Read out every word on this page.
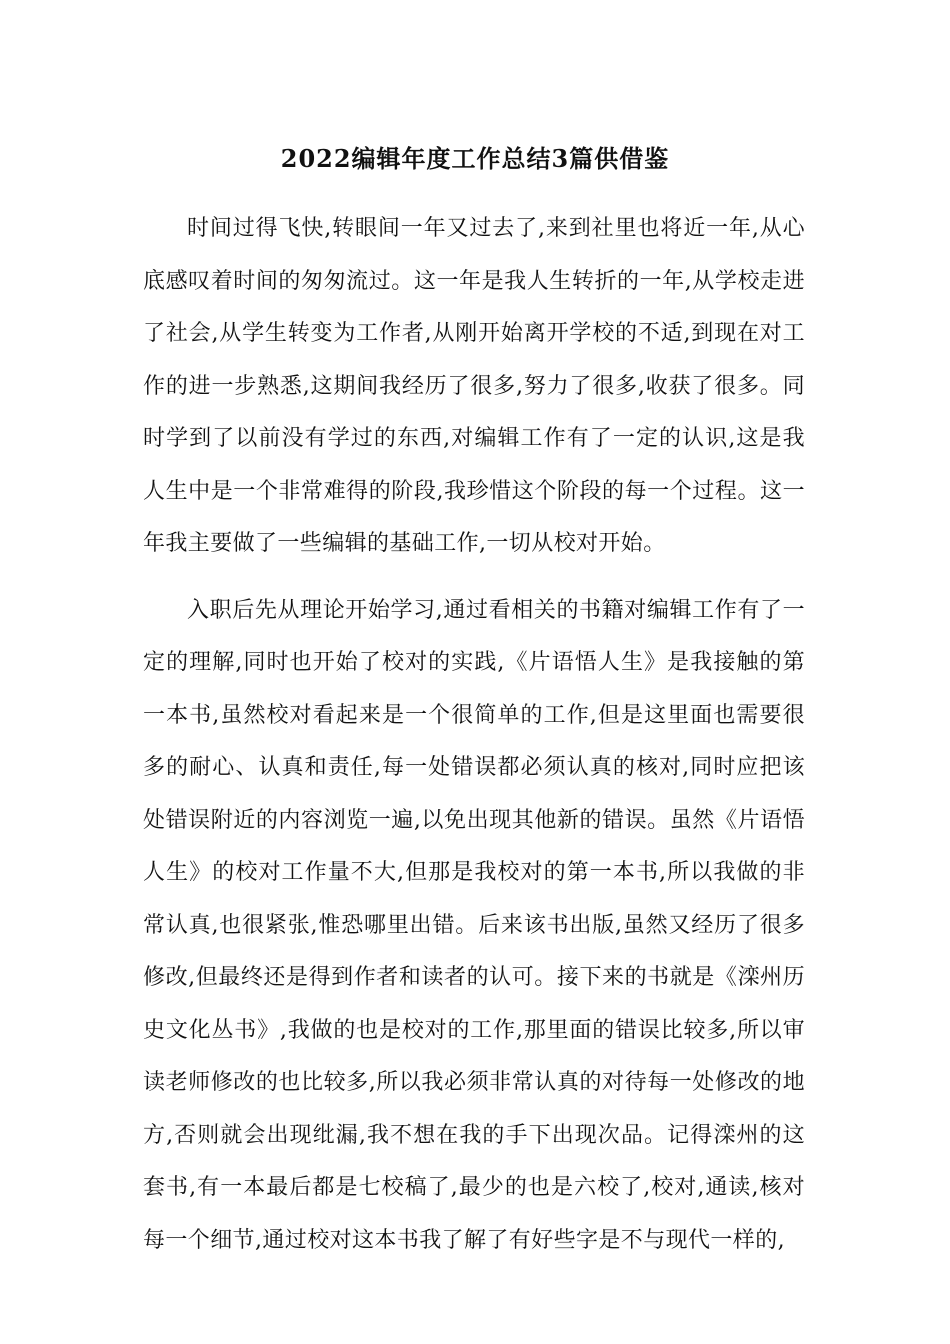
2022编辑年度工作总结3篇供借鉴

时间过得飞快,转眼间一年又过去了,来到社里也将近一年,从心底感叹着时间的匆匆流过。这一年是我人生转折的一年,从学校走进了社会,从学生转变为工作者,从刚开始离开学校的不适,到现在对工作的进一步熟悉,这期间我经历了很多,努力了很多,收获了很多。同时学到了以前没有学过的东西,对编辑工作有了一定的认识,这是我人生中是一个非常难得的阶段,我珍惜这个阶段的每一个过程。这一年我主要做了一些编辑的基础工作,一切从校对开始。

入职后先从理论开始学习,通过看相关的书籍对编辑工作有了一定的理解,同时也开始了校对的实践,《片语悟人生》是我接触的第一本书,虽然校对看起来是一个很简单的工作,但是这里面也需要很多的耐心、认真和责任,每一处错误都必须认真的核对,同时应把该处错误附近的内容浏览一遍,以免出现其他新的错误。虽然《片语悟人生》的校对工作量不大,但那是我校对的第一本书,所以我做的非常认真,也很紧张,惟恐哪里出错。后来该书出版,虽然又经历了很多修改,但最终还是得到作者和读者的认可。接下来的书就是《滦州历史文化丛书》,我做的也是校对的工作,那里面的错误比较多,所以审读老师修改的也比较多,所以我必须非常认真的对待每一处修改的地方,否则就会出现纰漏,我不想在我的手下出现次品。记得滦州的这套书,有一本最后都是七校稿了,最少的也是六校了,校对,通读,核对每一个细节,通过校对这本书我了解了有好些字是不与现代一样的,
